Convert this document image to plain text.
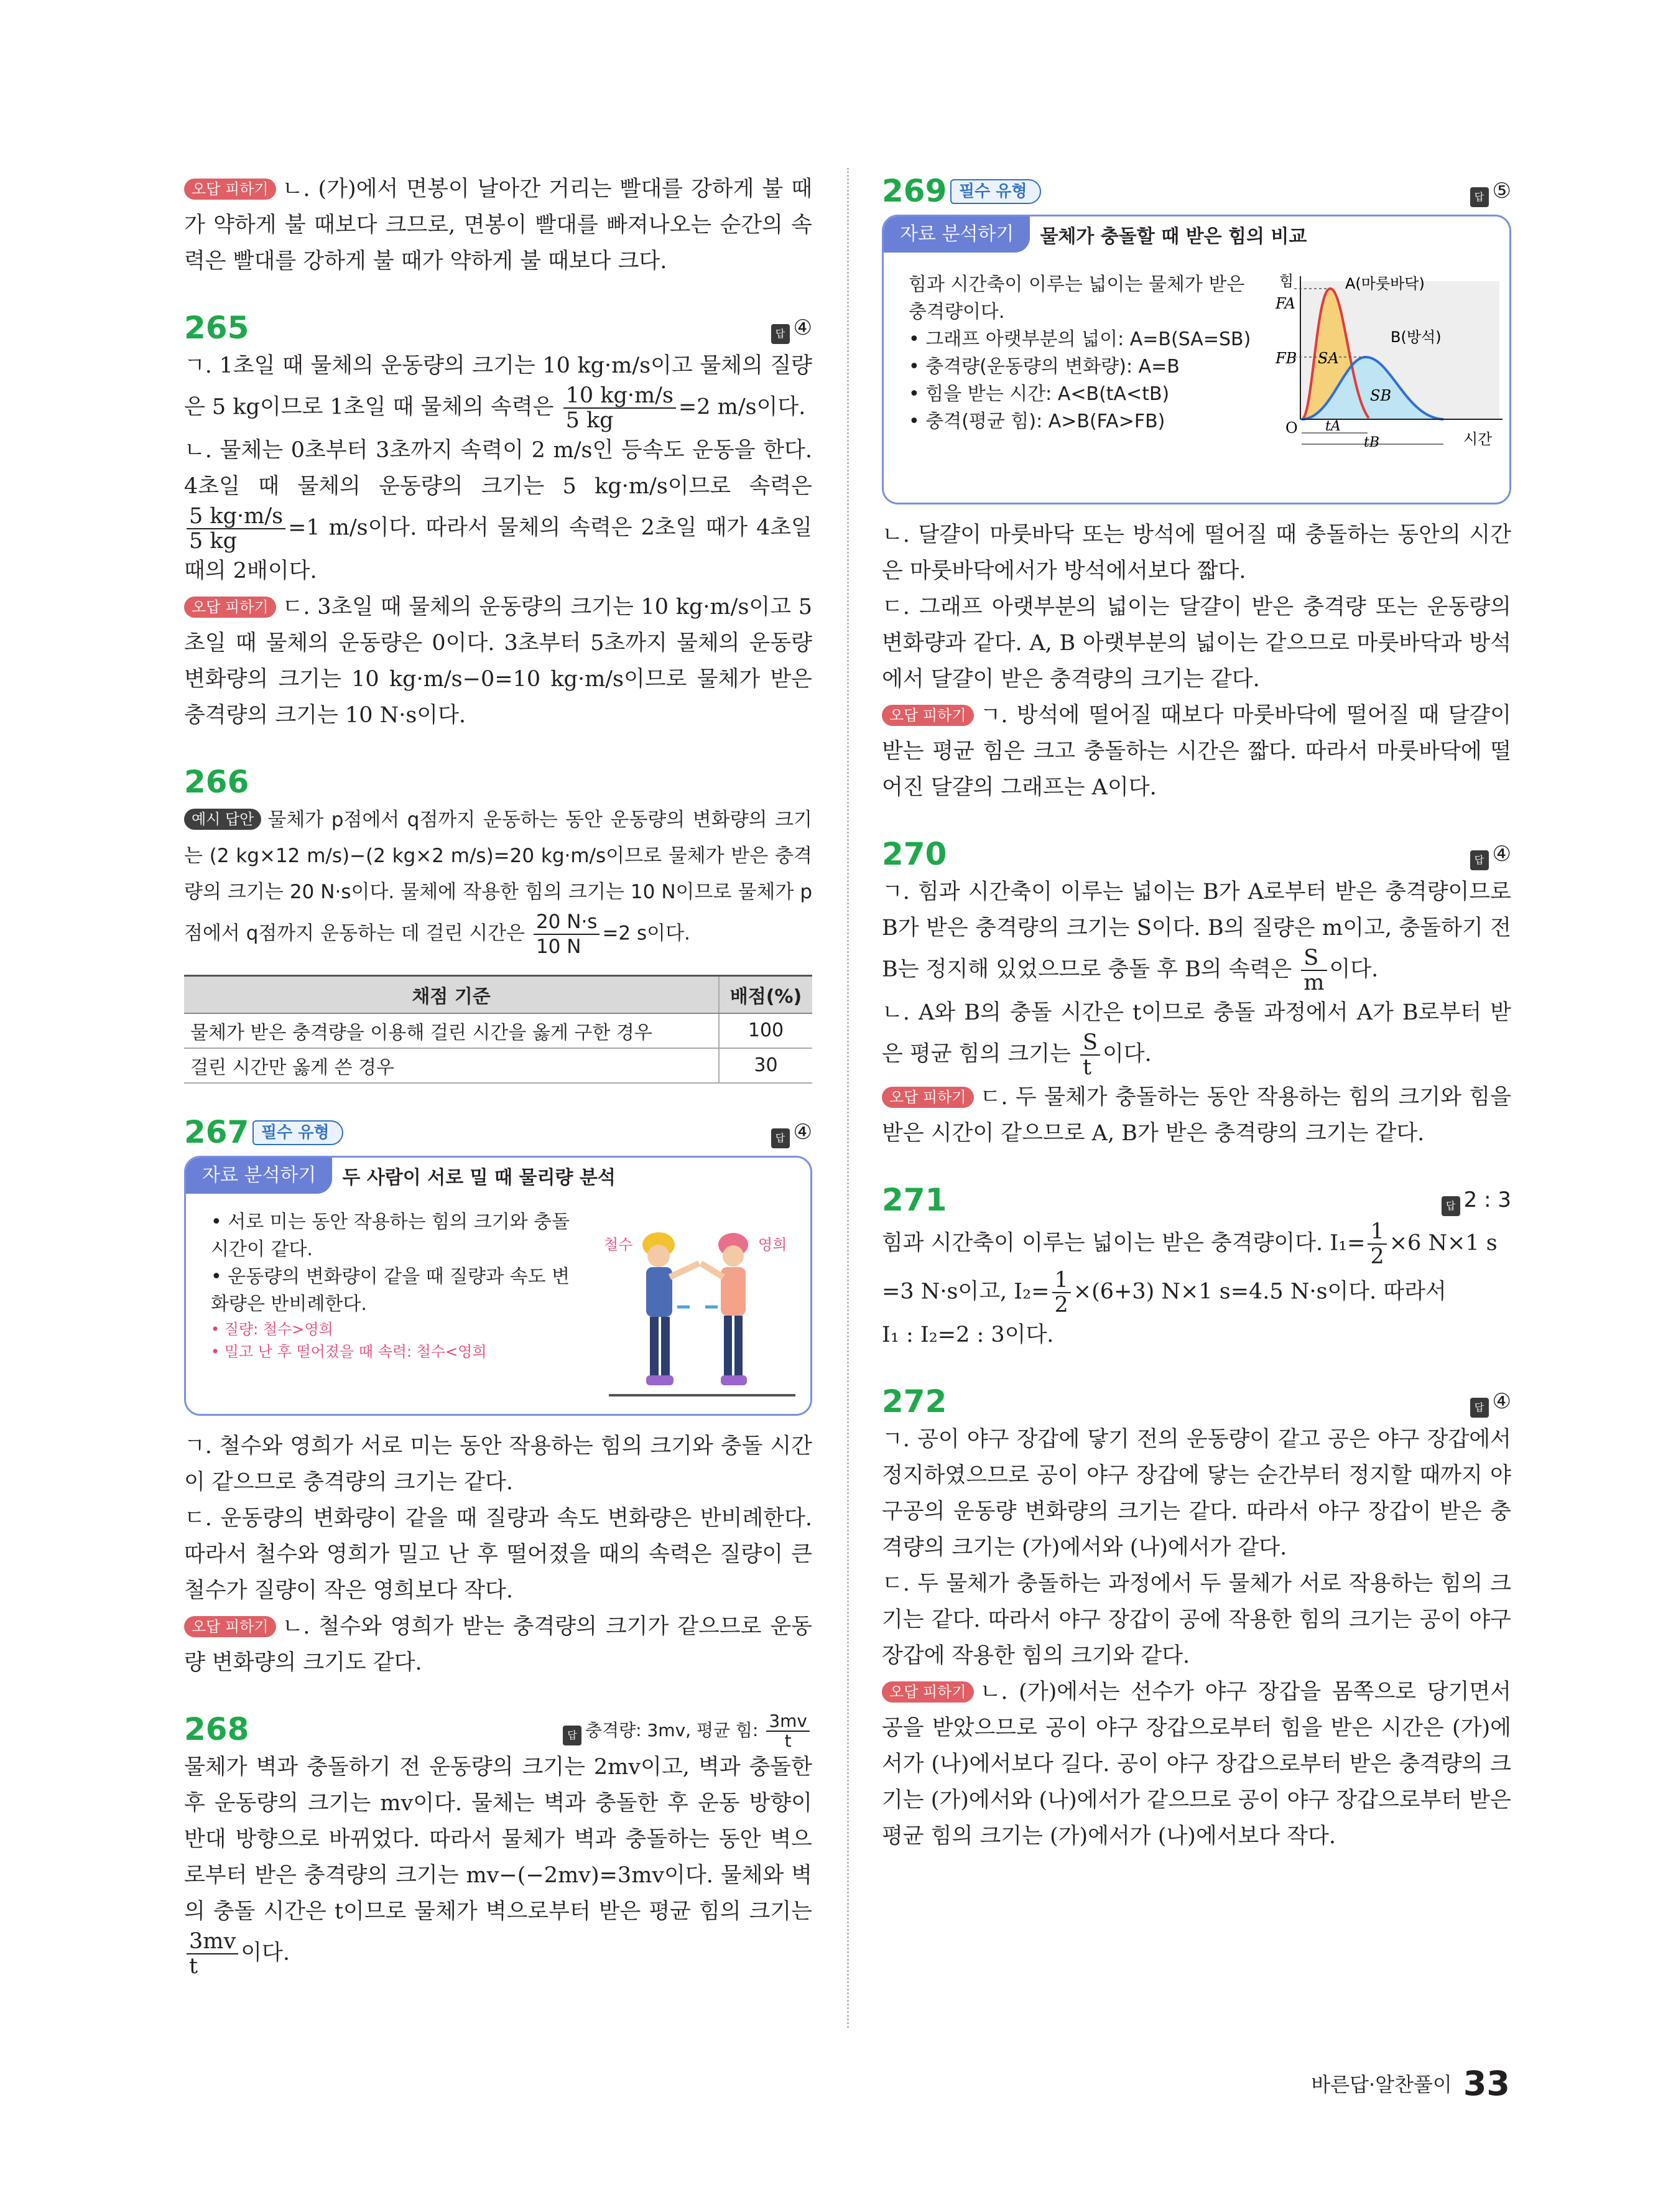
오답 피하기 ㄴ. (가)에서 면봉이 날아간 거리는 빨대를 강하게 불 때가 약하게 불 때보다 크므로, 면봉이 빨대를 빠져나오는 순간의 속력은 빨대를 강하게 불 때가 약하게 불 때보다 크다.

265	답 ④

ㄱ. 1초일 때 물체의 운동량의 크기는 10 kg·m/s이고 물체의 질량은 5 kg이므로 1초일 때 물체의 속력은 $\frac{10 kg\cdot m/s}{5 kg} =2$ m/s이다.

ㄴ. 물체는 0초부터 3초까지 속력이 2 m/s인 등속도 운동을 한다. 4초일 때 물체의 운동량의 크기는 5 kg·m/s이므로 속력은
$\frac{5 kg\cdot m/s}{5 kg} =1$ m/s이다. 따라서 물체의 속력은 2초일 때가 4초일 때의 2배이다.

오답 피하기 ㄷ. 3초일 때 물체의 운동량의 크기는 10 kg·m/s이고 5초일 때 물체의 운동량은 0이다. 3초부터 5초까지 물체의 운동량 변화량의 크기는 10 kg·m/s−0=10 kg·m/s이므로 물체가 받은 충격량의 크기는 10 N·s이다.

266

예시 답안 물체가 p점에서 q점까지 운동하는 동안 운동량의 변화량의 크기는 (2 kg×12 m/s)−(2 kg×2 m/s)=20 kg·m/s이므로 물체가 받은 충격량의 크기는 20 N·s이다. 물체에 작용한 힘의 크기는 10 N이므로 물체가 p점에서 q점까지 운동하는 데 걸린 시간은 $\frac{20 N\cdot s}{10 N} =2$ s이다.

채점 기준	배점(%)
물체가 받은 충격량을 이용해 걸린 시간을 옳게 구한 경우	100
걸린 시간만 옳게 쓴 경우	30
267 필수 유형	답 ④
자료 분석하기	두 사람이 서로 밀 때 물리량 분석

• 서로 미는 동안 작용하는 힘의 크기와 충돌 시간이 같다.

• 운동량의 변화량이 같을 때 질량과 속도 변화량은 반비례한다.

• 질량: 철수>영희

• 밀고 난 후 떨어졌을 때 속력: 철수<영희

철수	영희

ㄱ. 철수와 영희가 서로 미는 동안 작용하는 힘의 크기와 충돌 시간이 같으므로 충격량의 크기는 같다.

ㄷ. 운동량의 변화량이 같을 때 질량과 속도 변화량은 반비례한다. 따라서 철수와 영희가 밀고 난 후 떨어졌을 때의 속력은 질량이 큰 철수가 질량이 작은 영희보다 작다.

오답 피하기 ㄴ. 철수와 영희가 받는 충격량의 크기가 같으므로 운동량 변화량의 크기도 같다.

268	답 충격량: 3mv, 평균 힘: $\frac{3mv}{t}$

물체가 벽과 충돌하기 전 운동량의 크기는 2mv이고, 벽과 충돌한 후 운동량의 크기는 mv이다. 물체는 벽과 충돌한 후 운동 방향이 반대 방향으로 바뀌었다. 따라서 물체가 벽과 충돌하는 동안 벽으로부터 받은 충격량의 크기는 mv−(−2mv)=3mv이다. 물체와 벽의 충돌 시간은 t이므로 물체가 벽으로부터 받은 평균 힘의 크기는
$\frac{3mv}{t}$ 이다.

269 필수 유형	답 ⑤
자료 분석하기	물체가 충돌할 때 받은 힘의 비교

힘과 시간축이 이루는 넓이는 물체가 받은 충격량이다.

• 그래프 아랫부분의 넓이: A=B(SA=SB)

• 충격량(운동량의 변화량): A=B

• 힘을 받는 시간: A<B(tA<tB)

• 충격(평균 힘): A>B(FA>FB)

힘
시간
FA
FB
O
A(마룻바닥)
B(방석)
SA
SB
tA
tB

ㄴ. 달걀이 마룻바닥 또는 방석에 떨어질 때 충돌하는 동안의 시간은 마룻바닥에서가 방석에서보다 짧다.

ㄷ. 그래프 아랫부분의 넓이는 달걀이 받은 충격량 또는 운동량의 변화량과 같다. A, B 아랫부분의 넓이는 같으므로 마룻바닥과 방석에서 달걀이 받은 충격량의 크기는 같다.

오답 피하기 ㄱ. 방석에 떨어질 때보다 마룻바닥에 떨어질 때 달걀이 받는 평균 힘은 크고 충돌하는 시간은 짧다. 따라서 마룻바닥에 떨어진 달걀의 그래프는 A이다.

270	답 ④

ㄱ. 힘과 시간축이 이루는 넓이는 B가 A로부터 받은 충격량이므로 B가 받은 충격량의 크기는 S이다. B의 질량은 m이고, 충돌하기 전 B는 정지해 있었으므로 충돌 후 B의 속력은 $\frac{S}{m}$ 이다.

ㄴ. A와 B의 충돌 시간은 t이므로 충돌 과정에서 A가 B로부터 받은 평균 힘의 크기는 $\frac{S}{t}$ 이다.

오답 피하기 ㄷ. 두 물체가 충돌하는 동안 작용하는 힘의 크기와 힘을 받은 시간이 같으므로 A, B가 받은 충격량의 크기는 같다.

271	답 2 : 3

힘과 시간축이 이루는 넓이는 받은 충격량이다. $I_1= \frac{1}{2} \times 6$ N×1 s

=3 N·s이고, $I_2= \frac{1}{2} \times(6+3)$ N×1 s=4.5 N·s이다. 따라서

I₁ : I₂=2 : 3이다.

272	답 ④

ㄱ. 공이 야구 장갑에 닿기 전의 운동량이 같고 공은 야구 장갑에서 정지하였으므로 공이 야구 장갑에 닿는 순간부터 정지할 때까지 야구공의 운동량 변화량의 크기는 같다. 따라서 야구 장갑이 받은 충격량의 크기는 (가)에서와 (나)에서가 같다.

ㄷ. 두 물체가 충돌하는 과정에서 두 물체가 서로 작용하는 힘의 크기는 같다. 따라서 야구 장갑이 공에 작용한 힘의 크기는 공이 야구 장갑에 작용한 힘의 크기와 같다.

오답 피하기 ㄴ. (가)에서는 선수가 야구 장갑을 몸쪽으로 당기면서 공을 받았으므로 공이 야구 장갑으로부터 힘을 받은 시간은 (가)에서가 (나)에서보다 길다. 공이 야구 장갑으로부터 받은 충격량의 크기는 (가)에서와 (나)에서가 같으므로 공이 야구 장갑으로부터 받은 평균 힘의 크기는 (가)에서가 (나)에서보다 작다.

바른답·알찬풀이 33
